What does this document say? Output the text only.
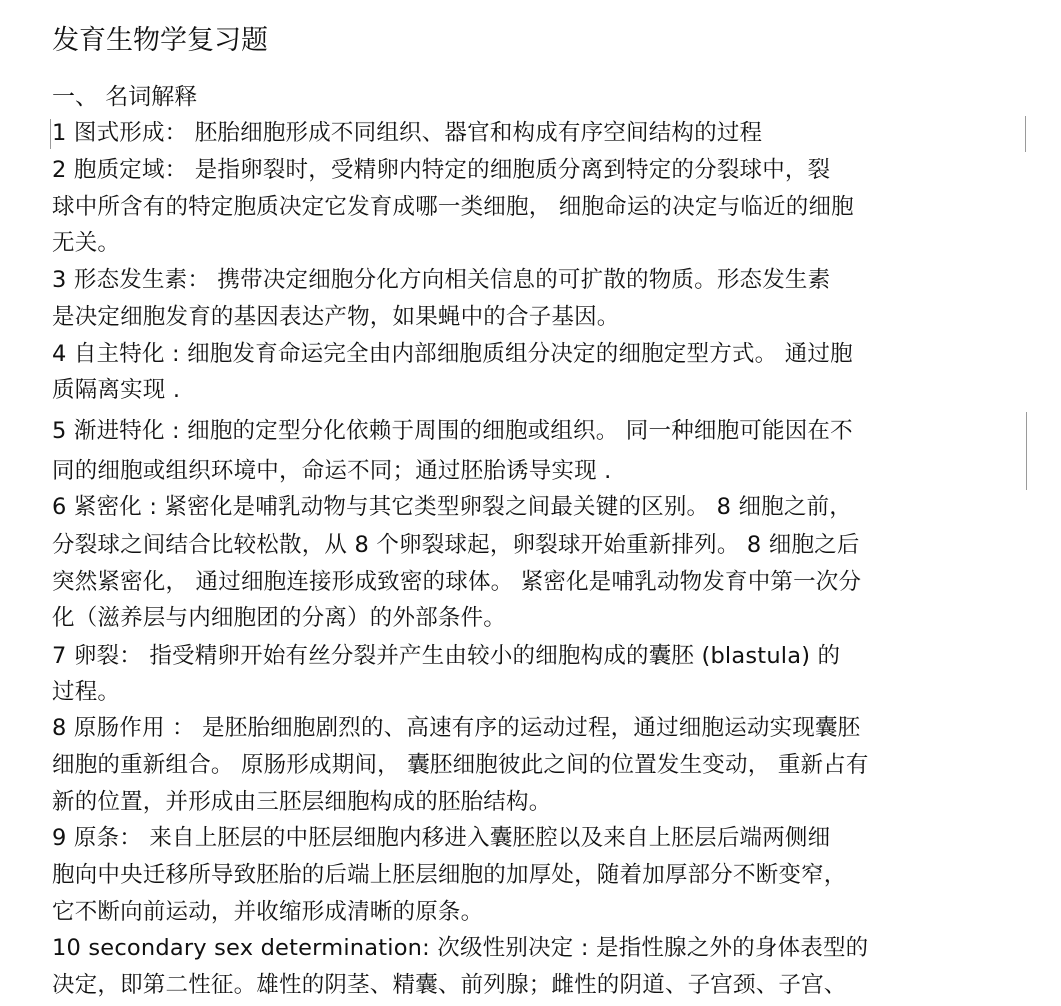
发育生物学复习题
一、 名词解释
1 图式形成： 胚胎细胞形成不同组织、器官和构成有序空间结构的过程
2 胞质定域： 是指卵裂时，受精卵内特定的细胞质分离到特定的分裂球中，裂
球中所含有的特定胞质决定它发育成哪一类细胞， 细胞命运的决定与临近的细胞
无关。
3 形态发生素： 携带决定细胞分化方向相关信息的可扩散的物质。形态发生素
是决定细胞发育的基因表达产物，如果蝇中的合子基因。
4 自主特化 : 细胞发育命运完全由内部细胞质组分决定的细胞定型方式。 通过胞
质隔离实现 .
5 渐进特化 : 细胞的定型分化依赖于周围的细胞或组织。 同一种细胞可能因在不
同的细胞或组织环境中，命运不同；通过胚胎诱导实现 .
6 紧密化 : 紧密化是哺乳动物与其它类型卵裂之间最关键的区别。 8 细胞之前，
分裂球之间结合比较松散，从 8 个卵裂球起，卵裂球开始重新排列。 8 细胞之后
突然紧密化， 通过细胞连接形成致密的球体。 紧密化是哺乳动物发育中第一次分
化（滋养层与内细胞团的分离）的外部条件。
7 卵裂： 指受精卵开始有丝分裂并产生由较小的细胞构成的囊胚 (blastula) 的
过程。
8 原肠作用 ： 是胚胎细胞剧烈的、高速有序的运动过程，通过细胞运动实现囊胚
细胞的重新组合。 原肠形成期间， 囊胚细胞彼此之间的位置发生变动， 重新占有
新的位置，并形成由三胚层细胞构成的胚胎结构。
9 原条： 来自上胚层的中胚层细胞内移进入囊胚腔以及来自上胚层后端两侧细
胞向中央迁移所导致胚胎的后端上胚层细胞的加厚处，随着加厚部分不断变窄，
它不断向前运动，并收缩形成清晰的原条。
10 secondary sex determination: 次级性别决定 : 是指性腺之外的身体表型的
决定，即第二性征。雄性的阴茎、精囊、前列腺；雌性的阴道、子宫颈、子宫、
